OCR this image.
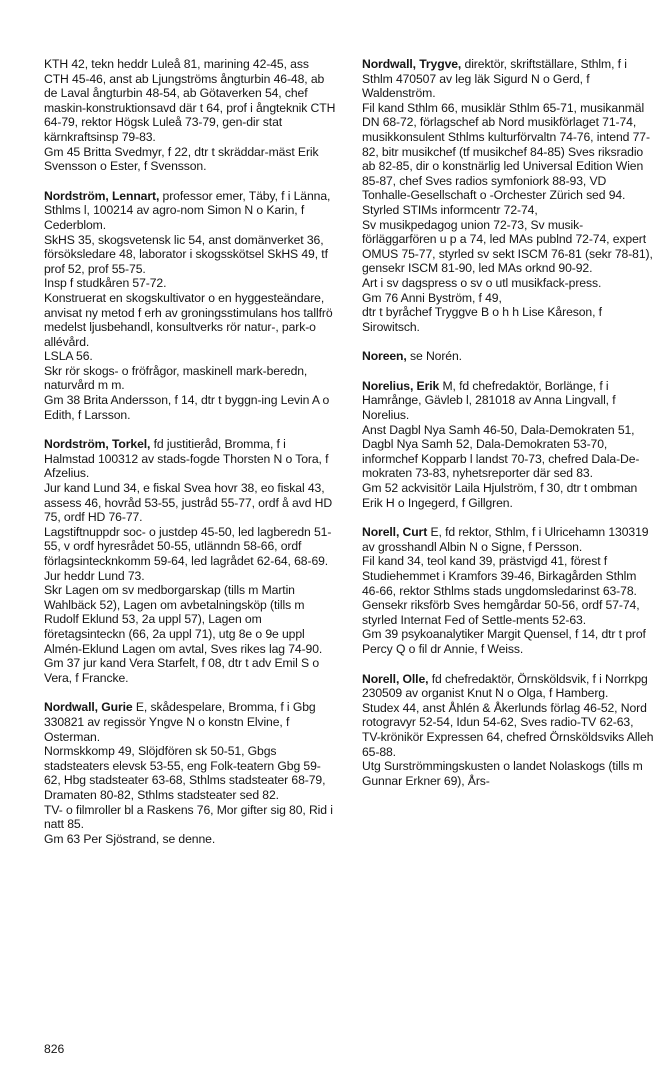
KTH 42, tekn heddr Luleå 81, marining 42-45, ass CTH 45-46, anst ab Ljungströms ångturbin 46-48, ab de Laval ångturbin 48-54, ab Götaverken 54, chef maskin-konstruktionsavd där t 64, prof i ångteknik CTH 64-79, rektor Högsk Luleå 73-79, gen-dir stat kärnkraftsinsp 79-83.

Gm 45 Britta Svedmyr, f 22, dtr t skräddar-mäst Erik Svensson o Ester, f Svensson.

Nordström, Lennart, professor emer, Täby, f i Länna, Sthlms l, 100214 av agro-nom Simon N o Karin, f Cederblom.

SkHS 35, skogsvetensk lic 54, anst domänverket 36, försöksledare 48, laborator i skogsskötsel SkHS 49, tf prof 52, prof 55-75.

Insp f studkåren 57-72.

Konstruerat en skogskultivator o en hyggesteändare, anvisat ny metod f erh av groningsstimulans hos tallfrö medelst ljusbehandl, konsultverks rör natur-, park-o allévård.

LSLA 56.

Skr rör skogs- o fröfrågor, maskinell mark-beredn, naturvård m m.

Gm 38 Brita Andersson, f 14, dtr t byggn-ing Levin A o Edith, f Larsson.

Nordström, Torkel, fd justitieråd, Bromma, f i Halmstad 100312 av stads-fogde Thorsten N o Tora, f Afzelius.

Jur kand Lund 34, e fiskal Svea hovr 38, eo fiskal 43, assess 46, hovråd 53-55, justråd 55-77, ordf å avd HD 75, ordf HD 76-77.

Lagstiftnuppdr soc- o justdep 45-50, led lagberedn 51-55, v ordf hyresrådet 50-55, utlänndn 58-66, ordf förlagsintecknkomm 59-64, led lagrådet 62-64, 68-69.

Jur heddr Lund 73.

Skr Lagen om sv medborgarskap (tills m Martin Wahlbäck 52), Lagen om avbetalningsköp (tills m Rudolf Eklund 53, 2a uppl 57), Lagen om företagsinteckn (66, 2a uppl 71), utg 8e o 9e uppl Almén-Eklund Lagen om avtal, Sves rikes lag 74-90.

Gm 37 jur kand Vera Starfelt, f 08, dtr t adv Emil S o Vera, f Francke.

Nordwall, Gurie E, skådespelare, Bromma, f i Gbg 330821 av regissör Yngve N o konstn Elvine, f Osterman.

Normskkomp 49, Slöjdfören sk 50-51, Gbgs stadsteaters elevsk 53-55, eng Folk-teatern Gbg 59-62, Hbg stadsteater 63-68, Sthlms stadsteater 68-79, Dramaten 80-82, Sthlms stadsteater sed 82.

TV- o filmroller bl a Raskens 76, Mor gifter sig 80, Rid i natt 85.

Gm 63 Per Sjöstrand, se denne.

Nordwall, Trygve, direktör, skriftställare, Sthlm, f i Sthlm 470507 av leg läk Sigurd N o Gerd, f Waldenström.

Fil kand Sthlm 66, musiklär Sthlm 65-71, musikanmäl DN 68-72, förlagschef ab Nord musikförlaget 71-74, musikkonsulent Sthlms kulturförvaltn 74-76, intend 77-82, bitr musikchef (tf musikchef 84-85) Sves riksradio ab 82-85, dir o konstnärlig led Universal Edition Wien 85-87, chef Sves radios symfoniork 88-93, VD Tonhalle-Gesellschaft o -Orchester Zürich sed 94.

Styrled STIMs informcentr 72-74,

Sv musikpedagog union 72-73, Sv musik-förläggarfören u p a 74, led MAs publnd 72-74, expert OMUS 75-77, styrled sv sekt ISCM 76-81 (sekr 78-81), gensekr ISCM 81-90, led MAs orknd 90-92.

Art i sv dagspress o sv o utl musikfack-press.

Gm 76 Anni Byström, f 49,

dtr t byråchef Tryggve B o h h Lise Kåreson, f Sirowitsch.

Noreen, se Norén.

Norelius, Erik M, fd chefredaktör, Borlänge, f i Hamrånge, Gävleb l, 281018 av Anna Lingvall, f Norelius.

Anst Dagbl Nya Samh 46-50, Dala-Demokraten 51, Dagbl Nya Samh 52, Dala-Demokraten 53-70, informchef Kopparb l landst 70-73, chefred Dala-De-mokraten 73-83, nyhetsreporter där sed 83.

Gm 52 ackvisitör Laila Hjulström, f 30, dtr t ombman Erik H o Ingegerd, f Gillgren.

Norell, Curt E, fd rektor, Sthlm, f i Ulricehamn 130319 av grosshandl Albin N o Signe, f Persson.

Fil kand 34, teol kand 39, prästvigd 41, förest f Studiehemmet i Kramfors 39-46, Birkagården Sthlm 46-66, rektor Sthlms stads ungdomsledarinst 63-78.

Gensekr riksförb Sves hemgårdar 50-56, ordf 57-74, styrled Internat Fed of Settle-ments 52-63.

Gm 39 psykoanalytiker Margit Quensel, f 14, dtr t prof Percy Q o fil dr Annie, f Weiss.

Norell, Olle, fd chefredaktör, Örnsköldsvik, f i Norrkpg 230509 av organist Knut N o Olga, f Hamberg.

Studex 44, anst Åhlén & Åkerlunds förlag 46-52, Nord rotogravyr 52-54, Idun 54-62, Sves radio-TV 62-63, TV-krönikör Expressen 64, chefred Örnsköldsviks Alleh 65-88.

Utg Surströmmingskusten o landet Nolaskogs (tills m Gunnar Erkner 69), Års-

826
